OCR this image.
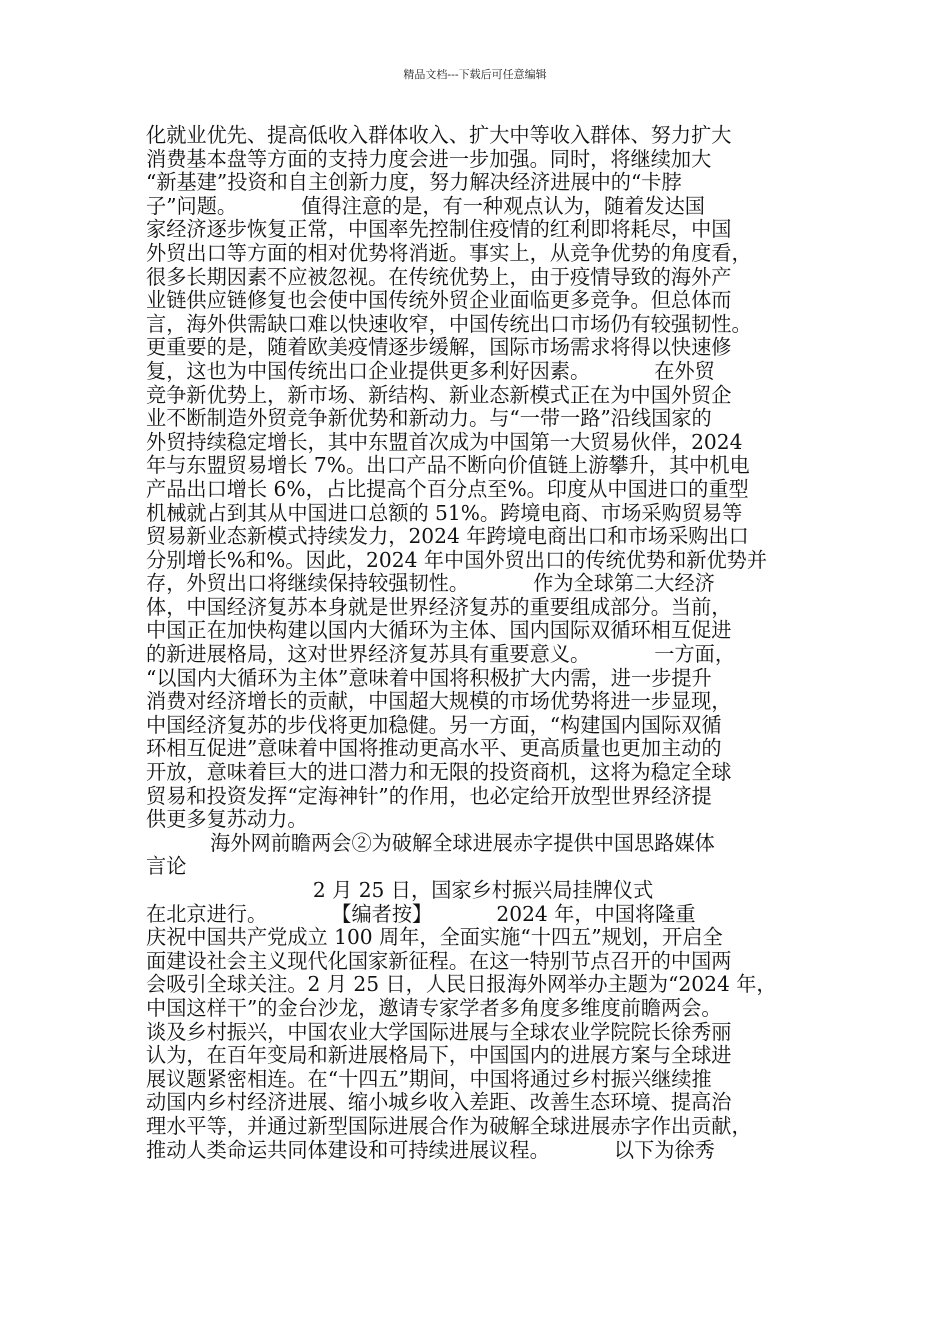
精品文档---下载后可任意编辑
化就业优先、提高低收入群体收入、扩大中等收入群体、努力扩大
消费基本盘等方面的支持力度会进一步加强。同时，将继续加大
“新基建”投资和自主创新力度，努力解决经济进展中的“卡脖
子”问题。          值得注意的是，有一种观点认为，随着发达国
家经济逐步恢复正常，中国率先控制住疫情的红利即将耗尽，中国
外贸出口等方面的相对优势将消逝。事实上，从竞争优势的角度看，
很多长期因素不应被忽视。在传统优势上，由于疫情导致的海外产
业链供应链修复也会使中国传统外贸企业面临更多竞争。但总体而
言，海外供需缺口难以快速收窄，中国传统出口市场仍有较强韧性。
更重要的是，随着欧美疫情逐步缓解，国际市场需求将得以快速修
复，这也为中国传统出口企业提供更多利好因素。          在外贸
竞争新优势上，新市场、新结构、新业态新模式正在为中国外贸企
业不断制造外贸竞争新优势和新动力。与“一带一路”沿线国家的
外贸持续稳定增长，其中东盟首次成为中国第一大贸易伙伴，2024
年与东盟贸易增长 7%。出口产品不断向价值链上游攀升，其中机电
产品出口增长 6%，占比提高个百分点至%。印度从中国进口的重型
机械就占到其从中国进口总额的 51%。跨境电商、市场采购贸易等
贸易新业态新模式持续发力，2024 年跨境电商出口和市场采购出口
分别增长%和%。因此，2024 年中国外贸出口的传统优势和新优势并
存，外贸出口将继续保持较强韧性。          作为全球第二大经济
体，中国经济复苏本身就是世界经济复苏的重要组成部分。当前，
中国正在加快构建以国内大循环为主体、国内国际双循环相互促进
的新进展格局，这对世界经济复苏具有重要意义。          一方面，
“以国内大循环为主体”意味着中国将积极扩大内需，进一步提升
消费对经济增长的贡献，中国超大规模的市场优势将进一步显现，
中国经济复苏的步伐将更加稳健。另一方面，“构建国内国际双循
环相互促进”意味着中国将推动更高水平、更高质量也更加主动的
开放，意味着巨大的进口潜力和无限的投资商机，这将为稳定全球
贸易和投资发挥“定海神针”的作用，也必定给开放型世界经济提
供更多复苏动力。
海外网前瞻两会②为破解全球进展赤字提供中国思路媒体
言论
2 月 25 日，国家乡村振兴局挂牌仪式
在北京进行。          【编者按】          2024 年，中国将隆重
庆祝中国共产党成立 100 周年，全面实施“十四五”规划，开启全
面建设社会主义现代化国家新征程。在这一特别节点召开的中国两
会吸引全球关注。2 月 25 日，人民日报海外网举办主题为“2024 年，
中国这样干”的金台沙龙，邀请专家学者多角度多维度前瞻两会。
谈及乡村振兴，中国农业大学国际进展与全球农业学院院长徐秀丽
认为，在百年变局和新进展格局下，中国国内的进展方案与全球进
展议题紧密相连。在“十四五”期间，中国将通过乡村振兴继续推
动国内乡村经济进展、缩小城乡收入差距、改善生态环境、提高治
理水平等，并通过新型国际进展合作为破解全球进展赤字作出贡献，
推动人类命运共同体建设和可持续进展议程。          以下为徐秀
